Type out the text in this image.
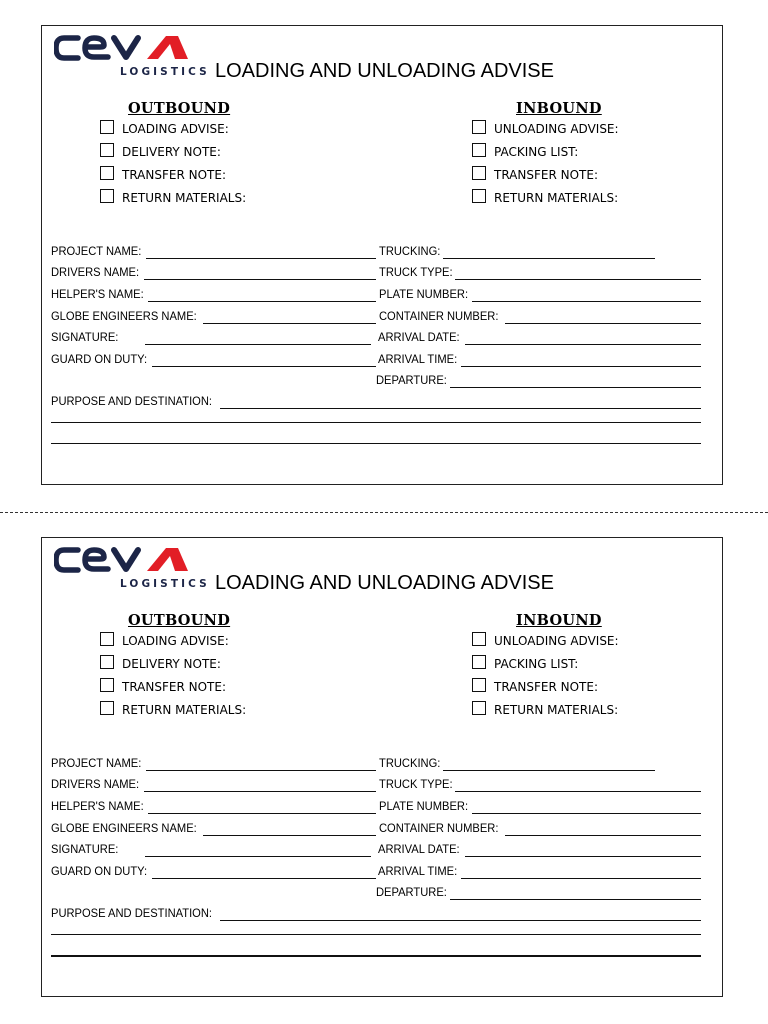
LOGISTICS LOADING AND UNLOADING ADVISE
OUTBOUND	INBOUND
LOADING ADVISE:
DELIVERY NOTE:
TRANSFER NOTE:
RETURN MATERIALS:
UNLOADING ADVISE:
PACKING LIST:
TRANSFER NOTE:
RETURN MATERIALS:
PROJECT NAME:
DRIVERS NAME:
HELPER'S NAME:
GLOBE ENGINEERS NAME:
SIGNATURE:
GUARD ON DUTY:
TRUCKING:
TRUCK TYPE:
PLATE NUMBER:
CONTAINER NUMBER:
ARRIVAL DATE:
ARRIVAL TIME:
DEPARTURE:
PURPOSE AND DESTINATION:
LOGISTICS LOADING AND UNLOADING ADVISE
OUTBOUND	INBOUND
LOADING ADVISE:
DELIVERY NOTE:
TRANSFER NOTE:
RETURN MATERIALS:
UNLOADING ADVISE:
PACKING LIST:
TRANSFER NOTE:
RETURN MATERIALS:
PROJECT NAME:
DRIVERS NAME:
HELPER'S NAME:
GLOBE ENGINEERS NAME:
SIGNATURE:
GUARD ON DUTY:
TRUCKING:
TRUCK TYPE:
PLATE NUMBER:
CONTAINER NUMBER:
ARRIVAL DATE:
ARRIVAL TIME:
DEPARTURE:
PURPOSE AND DESTINATION:
